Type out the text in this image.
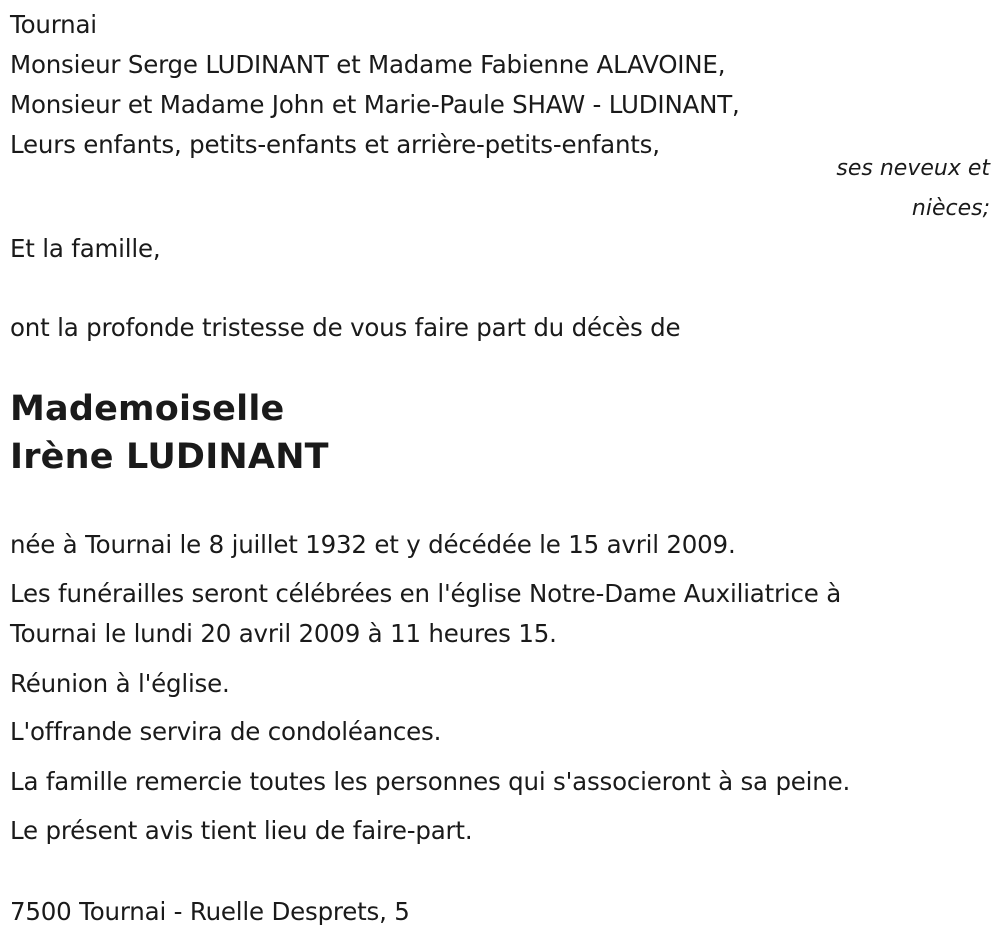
Tournai
Monsieur Serge LUDINANT et Madame Fabienne ALAVOINE,
Monsieur et Madame John et Marie-Paule SHAW - LUDINANT,
Leurs enfants, petits-enfants et arrière-petits-enfants,
ses neveux et
nièces;
Et la famille,
ont la profonde tristesse de vous faire part du décès de
Mademoiselle
Irène LUDINANT
née à Tournai le 8 juillet 1932 et y décédée le 15 avril 2009.
Les funérailles seront célébrées en l'église Notre-Dame Auxiliatrice à
Tournai le lundi 20 avril 2009 à 11 heures 15.
Réunion à l'église.
L'offrande servira de condoléances.
La famille remercie toutes les personnes qui s'associeront à sa peine.
Le présent avis tient lieu de faire-part.
7500 Tournai - Ruelle Desprets, 5
